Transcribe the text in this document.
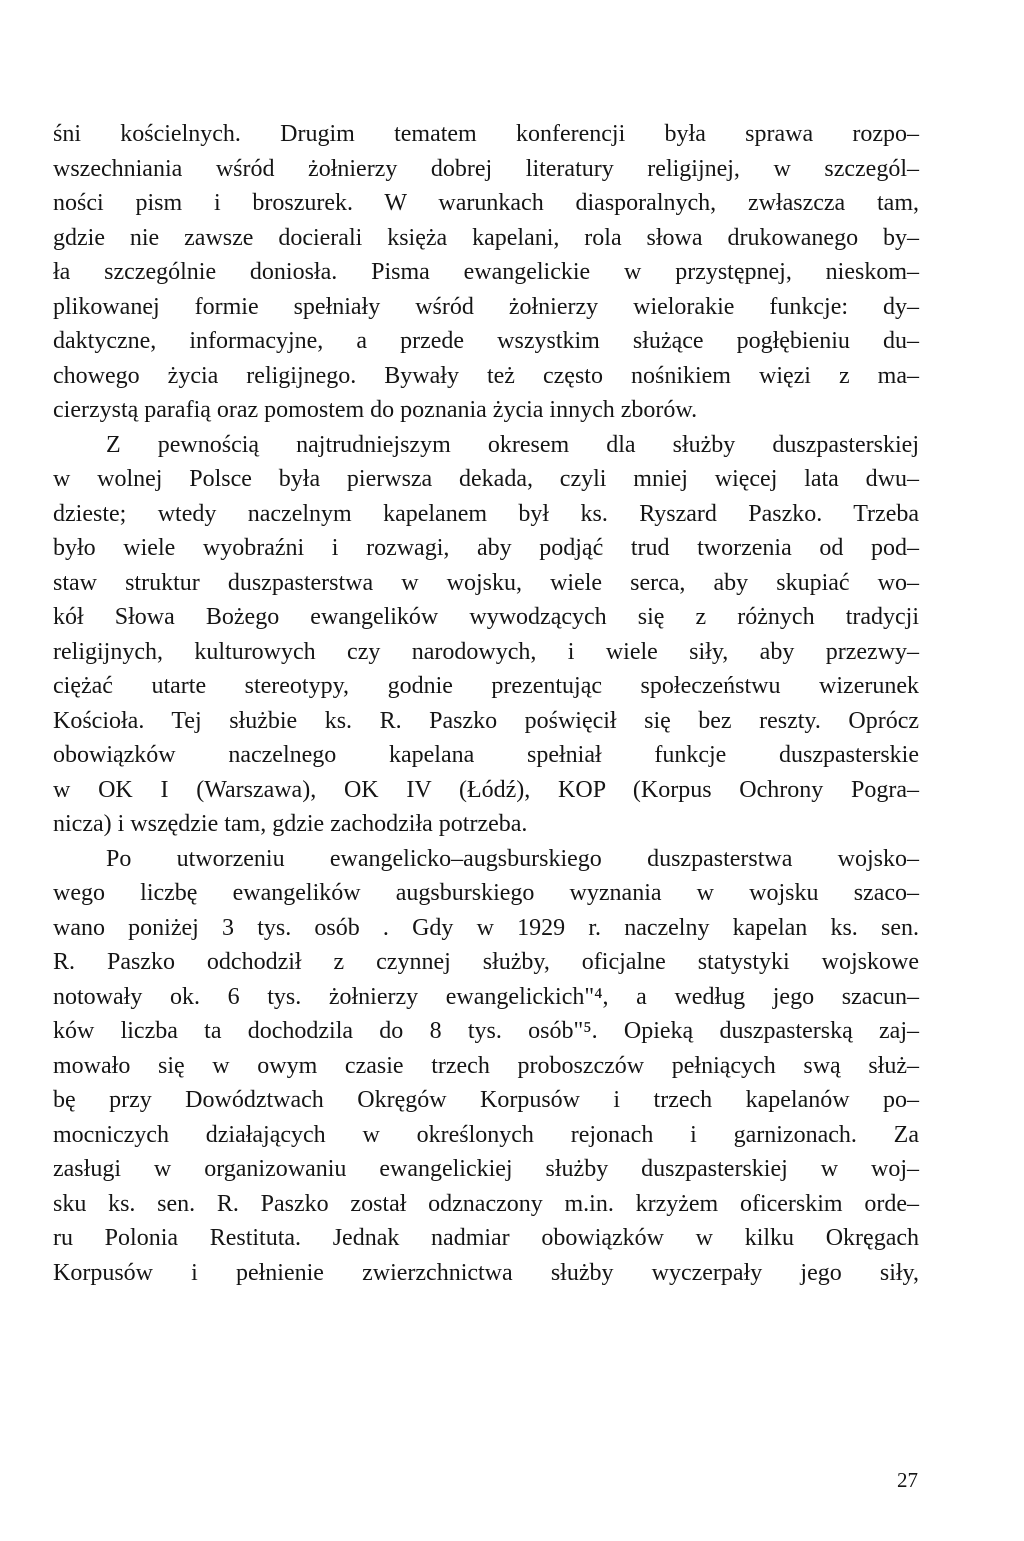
śni kościelnych. Drugim tematem konferencji była sprawa rozpo–
wszechniania wśród żołnierzy dobrej literatury religijnej, w szczegól–
ności pism i broszurek. W warunkach diasporalnych, zwłaszcza tam,
gdzie nie zawsze docierali księża kapelani, rola słowa drukowanego by–
ła szczególnie doniosła. Pisma ewangelickie w przystępnej, nieskom–
plikowanej formie spełniały wśród żołnierzy wielorakie funkcje: dy–
daktyczne, informacyjne, a przede wszystkim służące pogłębieniu du–
chowego życia religijnego. Bywały też często nośnikiem więzi z ma–
cierzystą parafią oraz pomostem do poznania życia innych zborów.
Z pewnością najtrudniejszym okresem dla służby duszpasterskiej
w wolnej Polsce była pierwsza dekada, czyli mniej więcej lata dwu–
dzieste; wtedy naczelnym kapelanem był ks. Ryszard Paszko. Trzeba
było wiele wyobraźni i rozwagi, aby podjąć trud tworzenia od pod–
staw struktur duszpasterstwa w wojsku, wiele serca, aby skupiać wo–
kół Słowa Bożego ewangelików wywodzących się z różnych tradycji
religijnych, kulturowych czy narodowych, i wiele siły, aby przezwy–
ciężać utarte stereotypy, godnie prezentując społeczeństwu wizerunek
Kościoła. Tej służbie ks. R. Paszko poświęcił się bez reszty. Oprócz
obowiązków naczelnego kapelana spełniał funkcje duszpasterskie
w OK I (Warszawa), OK IV (Łódź), KOP (Korpus Ochrony Pogra–
nicza) i wszędzie tam, gdzie zachodziła potrzeba.
Po utworzeniu ewangelicko–augsburskiego duszpasterstwa wojsko–
wego liczbę ewangelików augsburskiego wyznania w wojsku szaco–
wano poniżej 3 tys. osób . Gdy w 1929 r. naczelny kapelan ks. sen.
R. Paszko odchodził z czynnej służby, oficjalne statystyki wojskowe
notowały ok. 6 tys. żołnierzy ewangelickich"⁴, a według jego szacun–
ków liczba ta dochodzila do 8 tys. osób"⁵. Opieką duszpasterską zaj–
mowało się w owym czasie trzech proboszczów pełniących swą służ–
bę przy Dowództwach Okręgów Korpusów i trzech kapelanów po–
mocniczych działających w określonych rejonach i garnizonach. Za
zasługi w organizowaniu ewangelickiej służby duszpasterskiej w woj–
sku ks. sen. R. Paszko został odznaczony m.in. krzyżem oficerskim orde–
ru Polonia Restituta. Jednak nadmiar obowiązków w kilku Okręgach
Korpusów i pełnienie zwierzchnictwa służby wyczerpały jego siły,
27
